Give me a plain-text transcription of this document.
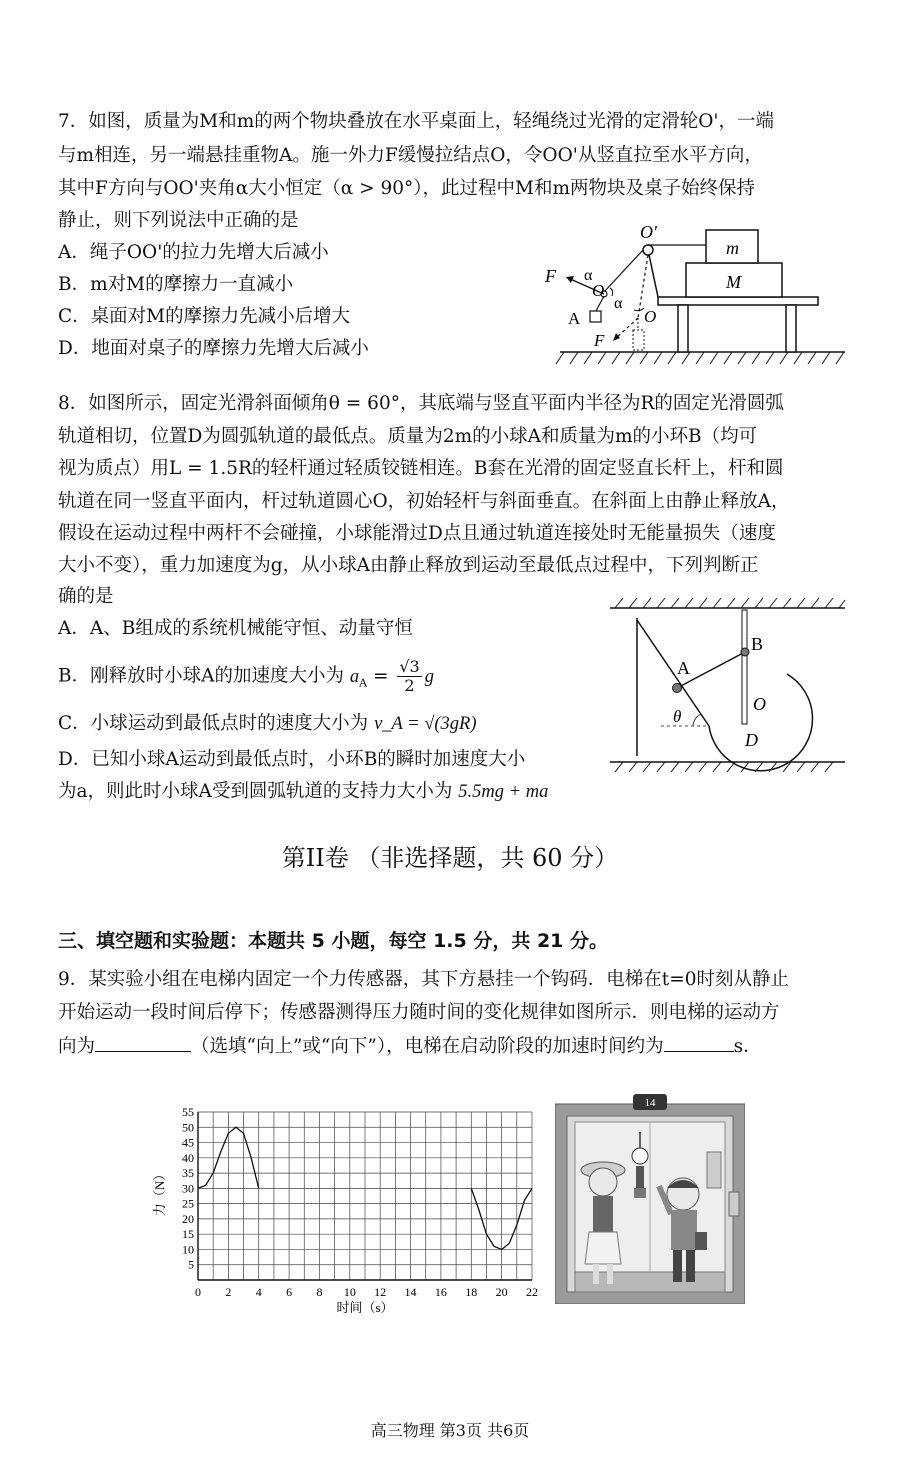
7．如图，质量为M和m的两个物块叠放在水平桌面上，轻绳绕过光滑的定滑轮O'，一端
与m相连，另一端悬挂重物A。施一外力F缓慢拉结点O，令OO'从竖直拉至水平方向，
其中F方向与OO'夹角α大小恒定（α > 90°），此过程中M和m两物块及桌子始终保持
静止，则下列说法中正确的是
A．绳子OO'的拉力先增大后减小
B．m对M的摩擦力一直减小
C．桌面对M的摩擦力先减小后增大
D．地面对桌子的摩擦力先增大后减小
O'
m
M
F α
α
O
O
A
F
8．如图所示，固定光滑斜面倾角θ = 60°，其底端与竖直平面内半径为R的固定光滑圆弧
轨道相切，位置D为圆弧轨道的最低点。质量为2m的小球A和质量为m的小环B（均可
视为质点）用L = 1.5R的轻杆通过轻质铰链相连。B套在光滑的固定竖直长杆上，杆和圆
轨道在同一竖直平面内，杆过轨道圆心O，初始轻杆与斜面垂直。在斜面上由静止释放A，
假设在运动过程中两杆不会碰撞，小球能滑过D点且通过轨道连接处时无能量损失（速度
大小不变），重力加速度为g，从小球A由静止释放到运动至最低点过程中，下列判断正
确的是
A．A、B组成的系统机械能守恒、动量守恒
B．刚释放时小球A的加速度大小为 $a_A = \frac{√3}{2}$ g
C．小球运动到最低点时的速度大小为 v_A = √(3gR)
D．已知小球A运动到最低点时，小环B的瞬时加速度大小
为a，则此时小球A受到圆弧轨道的支持力大小为 5.5mg + ma
B
A
θ
O
D
第II卷 （非选择题，共 60 分）
三、填空题和实验题：本题共 5 小题，每空 1.5 分，共 21 分。
9．某实验小组在电梯内固定一个力传感器，其下方悬挂一个钩码．电梯在t=0时刻从静止
开始运动一段时间后停下；传感器测得压力随时间的变化规律如图所示．则电梯的运动方
向为	（选填“向上”或“向下”），电梯在启动阶段的加速时间约为	s．
0 2 4 6 8 10 12 14 16 18 20 22
5
10
15
20
25
30
35
40
45
50
55
力（N）
时间（s）
14
高三物理 第3页 共6页
